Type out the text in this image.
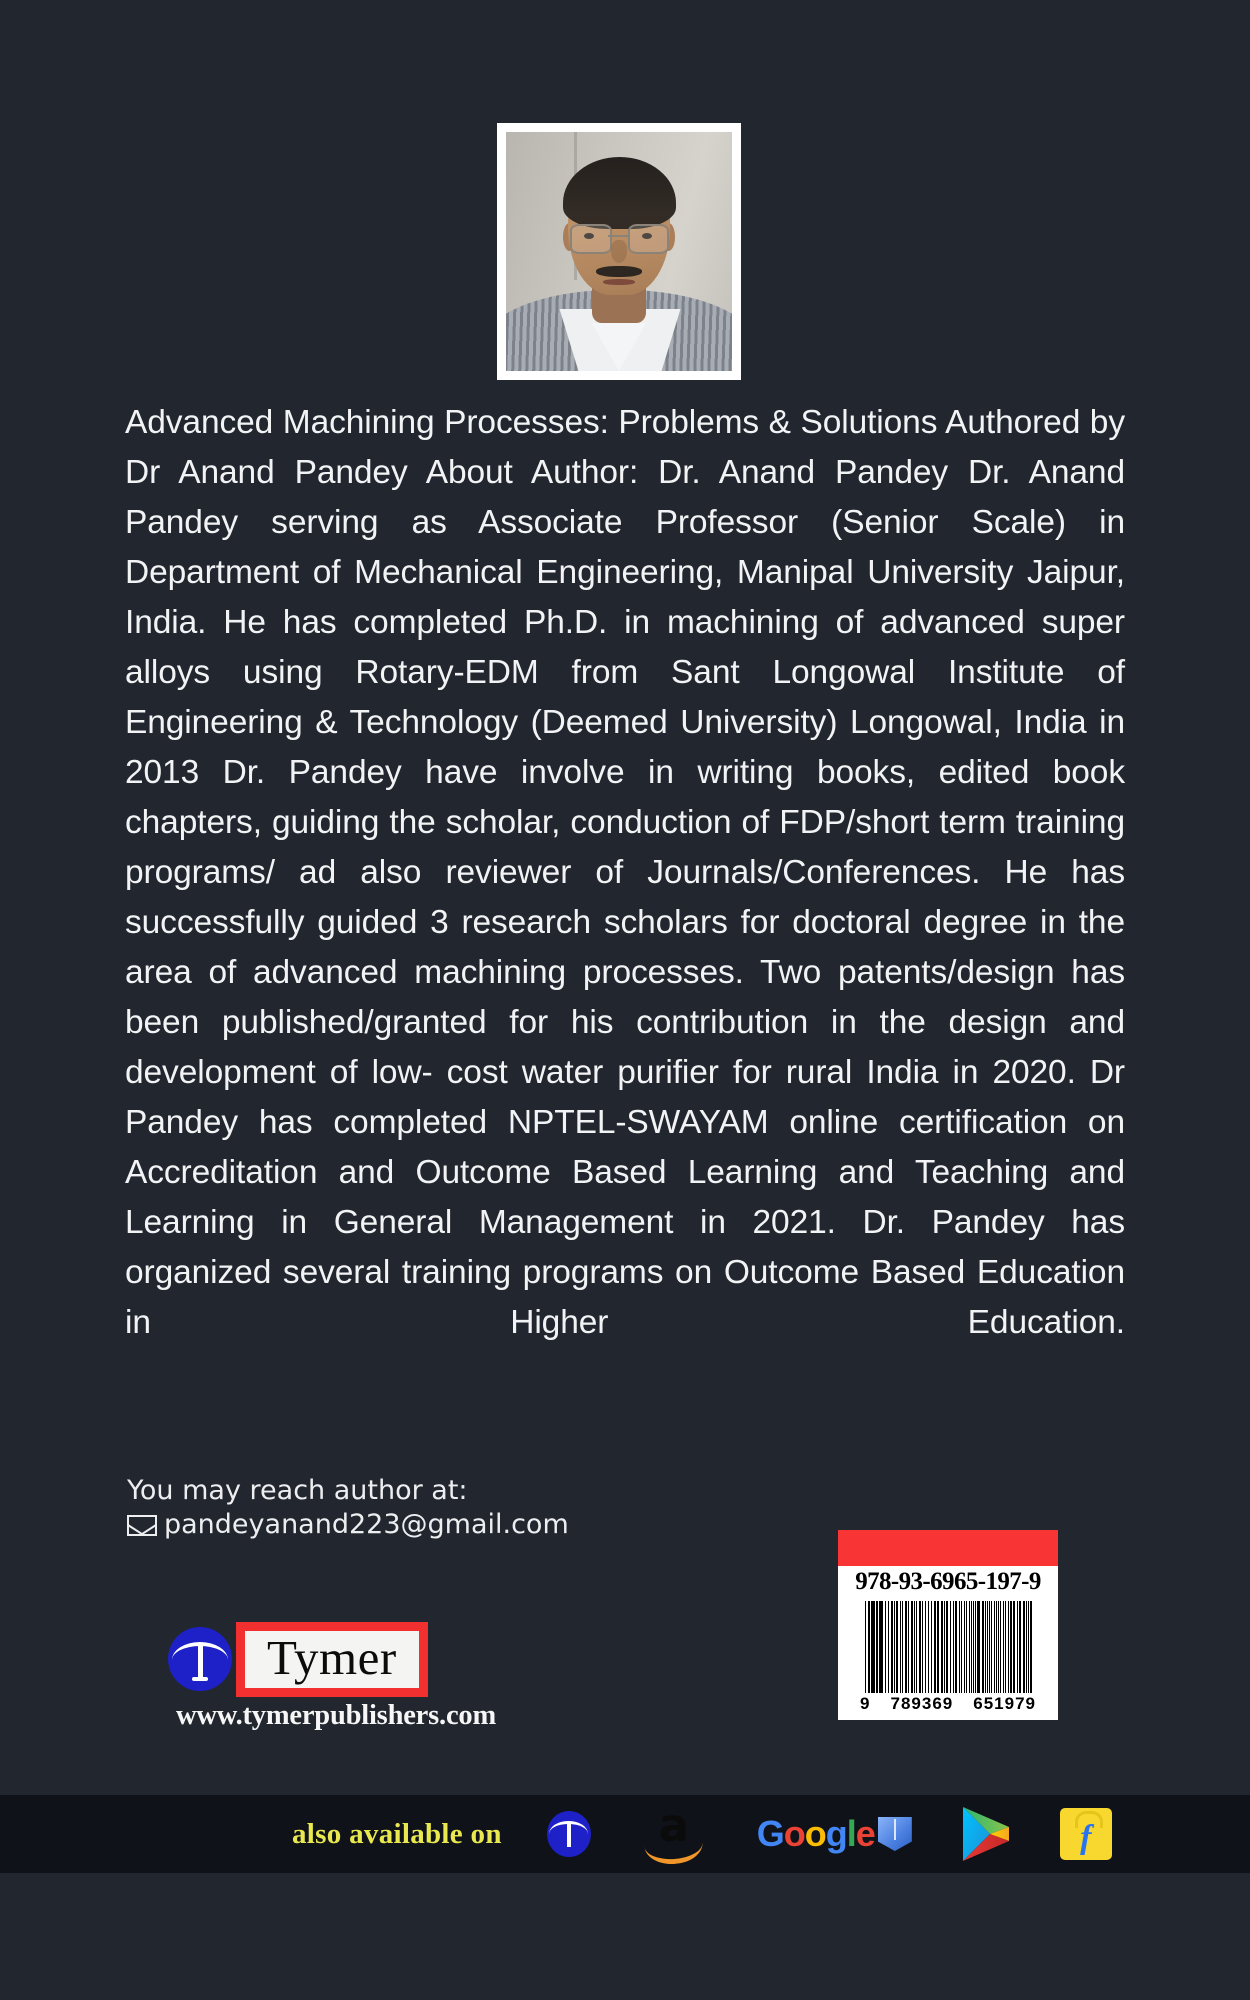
Advanced Machining Processes: Problems & Solutions Authored by Dr Anand Pandey About Author: Dr. Anand Pandey Dr. Anand Pandey serving as Associate Professor (Senior Scale) in Department of Mechanical Engineering, Manipal University Jaipur, India. He has completed Ph.D. in machining of advanced super alloys using Rotary-EDM from Sant Longowal Institute of Engineering & Technology (Deemed University) Longowal, India in 2013 Dr. Pandey have involve in writing books, edited book chapters, guiding the scholar, conduction of FDP/short term training programs/ ad also reviewer of Journals/Conferences. He has successfully guided 3 research scholars for doctoral degree in the area of advanced machining processes. Two patents/design has been published/granted for his contribution in the design and development of low- cost water purifier for rural India in 2020. Dr Pandey has completed NPTEL-SWAYAM online certification on Accreditation and Outcome Based Learning and Teaching and Learning in General Management in 2021. Dr. Pandey has organized several training programs on Outcome Based Education in Higher Education.

You may reach author at:
pandeyanand223@gmail.com
Tymer
www.tymerpublishers.com
978-93-6965-197-9
9 789369 651979
also available on	a	Google	f
